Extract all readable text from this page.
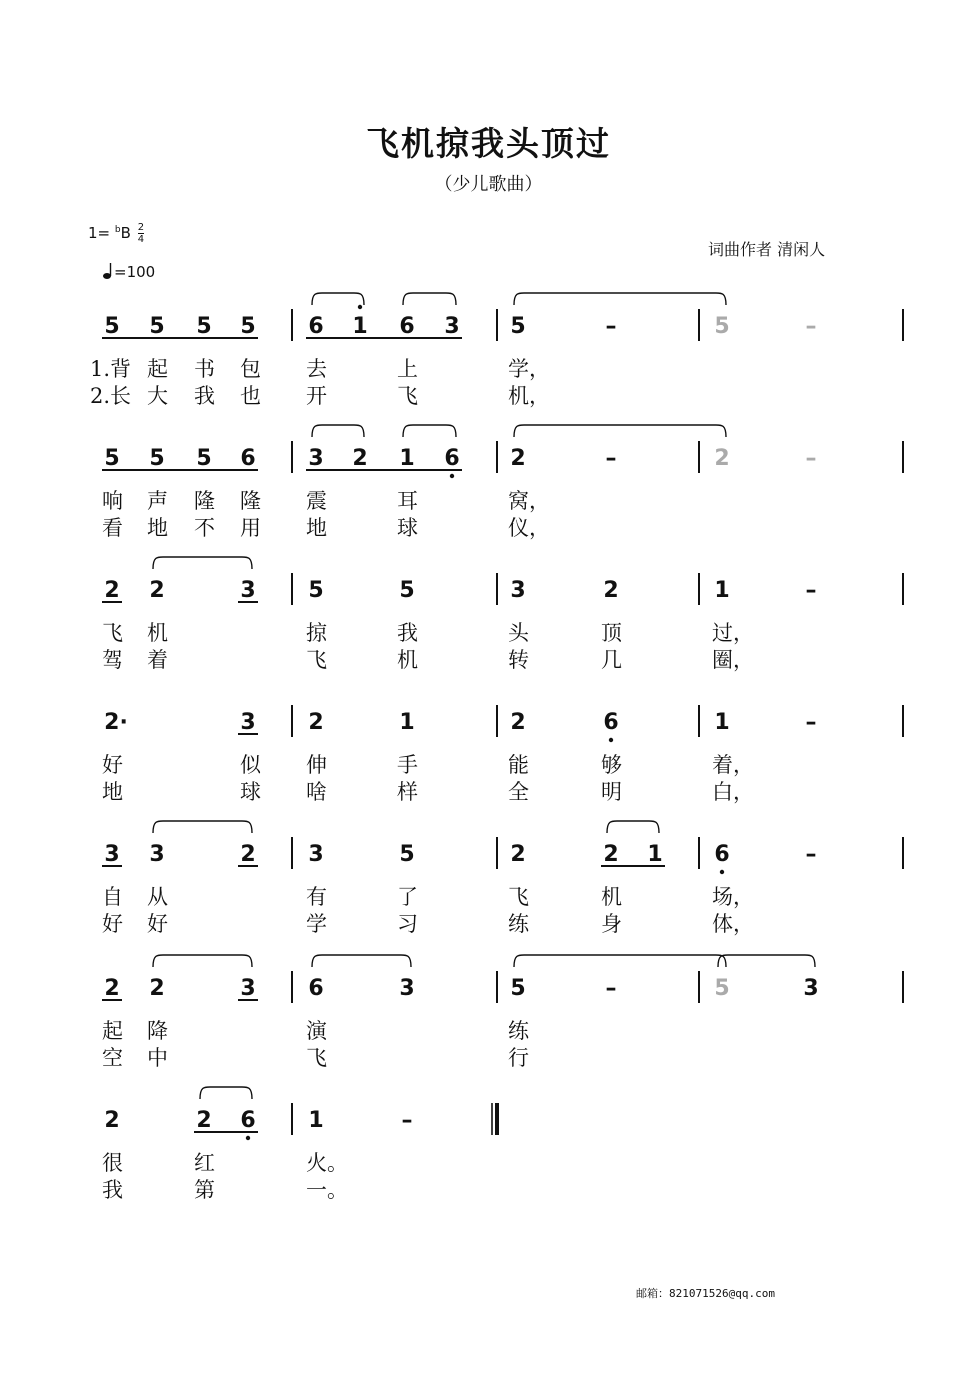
飞机掠我头顶过
（少儿歌曲）
$1= ^bB \frac{2}{4}$
=100
词曲作者 清闲人
5 5 5 5 6 1 6 3 5	–	5	–
1.背 起 书 包 去	上	学，
2.长 大 我 也 开	飞	机，
5 5 5 6 3 2 1 6 2	–	2	–
响 声 隆 隆 震	耳	窝，
看 地 不 用 地	球	仪，
2 2	3 5	5	3	2	1	–
飞 机	掠	我	头	顶	过，
驾 着	飞	机	转	几	圈，
2·	3 2	1	2	6	1	–
好	似 伸	手	能	够	着，
地	球 啥	样	全	明	白，
3 3	2 3	5	2	2 1 6	–
自 从	有	了	飞	机	场，
好 好	学	习	练	身	体，
2 2	3 6	3	5	–	5	3
起 降	演	练
空 中	飞	行
2	2 6 1	–
很	红	火。
我	第	一。
邮箱：821071526@qq.com
